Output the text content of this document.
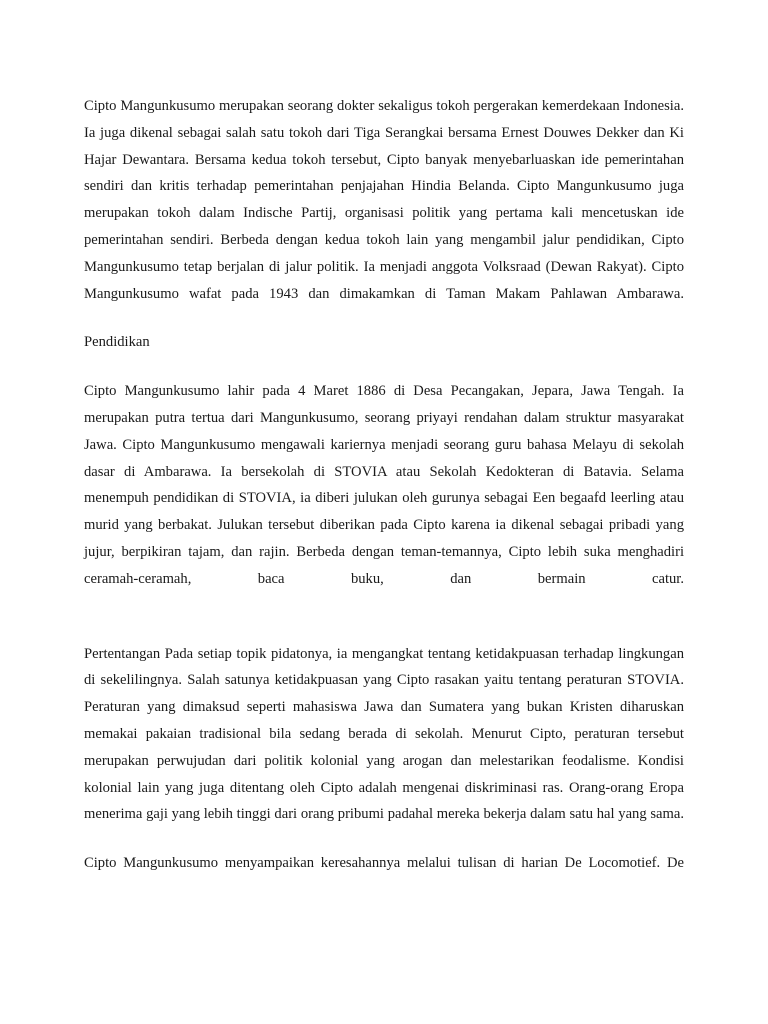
Cipto Mangunkusumo merupakan seorang dokter sekaligus tokoh pergerakan kemerdekaan Indonesia. Ia juga dikenal sebagai salah satu tokoh dari Tiga Serangkai bersama Ernest Douwes Dekker dan Ki Hajar Dewantara. Bersama kedua tokoh tersebut, Cipto banyak menyebarluaskan ide pemerintahan sendiri dan kritis terhadap pemerintahan penjajahan Hindia Belanda. Cipto Mangunkusumo juga merupakan tokoh dalam Indische Partij, organisasi politik yang pertama kali mencetuskan ide pemerintahan sendiri. Berbeda dengan kedua tokoh lain yang mengambil jalur pendidikan, Cipto Mangunkusumo tetap berjalan di jalur politik. Ia menjadi anggota Volksraad (Dewan Rakyat). Cipto Mangunkusumo wafat pada 1943 dan dimakamkan di Taman Makam Pahlawan Ambarawa.

Pendidikan

Cipto Mangunkusumo lahir pada 4 Maret 1886 di Desa Pecangakan, Jepara, Jawa Tengah. Ia merupakan putra tertua dari Mangunkusumo, seorang priyayi rendahan dalam struktur masyarakat Jawa. Cipto Mangunkusumo mengawali kariernya menjadi seorang guru bahasa Melayu di sekolah dasar di Ambarawa. Ia bersekolah di STOVIA atau Sekolah Kedokteran di Batavia. Selama menempuh pendidikan di STOVIA, ia diberi julukan oleh gurunya sebagai Een begaafd leerling atau murid yang berbakat. Julukan tersebut diberikan pada Cipto karena ia dikenal sebagai pribadi yang jujur, berpikiran tajam, dan rajin. Berbeda dengan teman-temannya, Cipto lebih suka menghadiri ceramah-ceramah, baca buku, dan bermain catur.

Pertentangan Pada setiap topik pidatonya, ia mengangkat tentang ketidakpuasan terhadap lingkungan di sekelilingnya. Salah satunya ketidakpuasan yang Cipto rasakan yaitu tentang peraturan STOVIA. Peraturan yang dimaksud seperti mahasiswa Jawa dan Sumatera yang bukan Kristen diharuskan memakai pakaian tradisional bila sedang berada di sekolah. Menurut Cipto, peraturan tersebut merupakan perwujudan dari politik kolonial yang arogan dan melestarikan feodalisme. Kondisi kolonial lain yang juga ditentang oleh Cipto adalah mengenai diskriminasi ras. Orang-orang Eropa menerima gaji yang lebih tinggi dari orang pribumi padahal mereka bekerja dalam satu hal yang sama.

Cipto Mangunkusumo menyampaikan keresahannya melalui tulisan di harian De Locomotief. De
